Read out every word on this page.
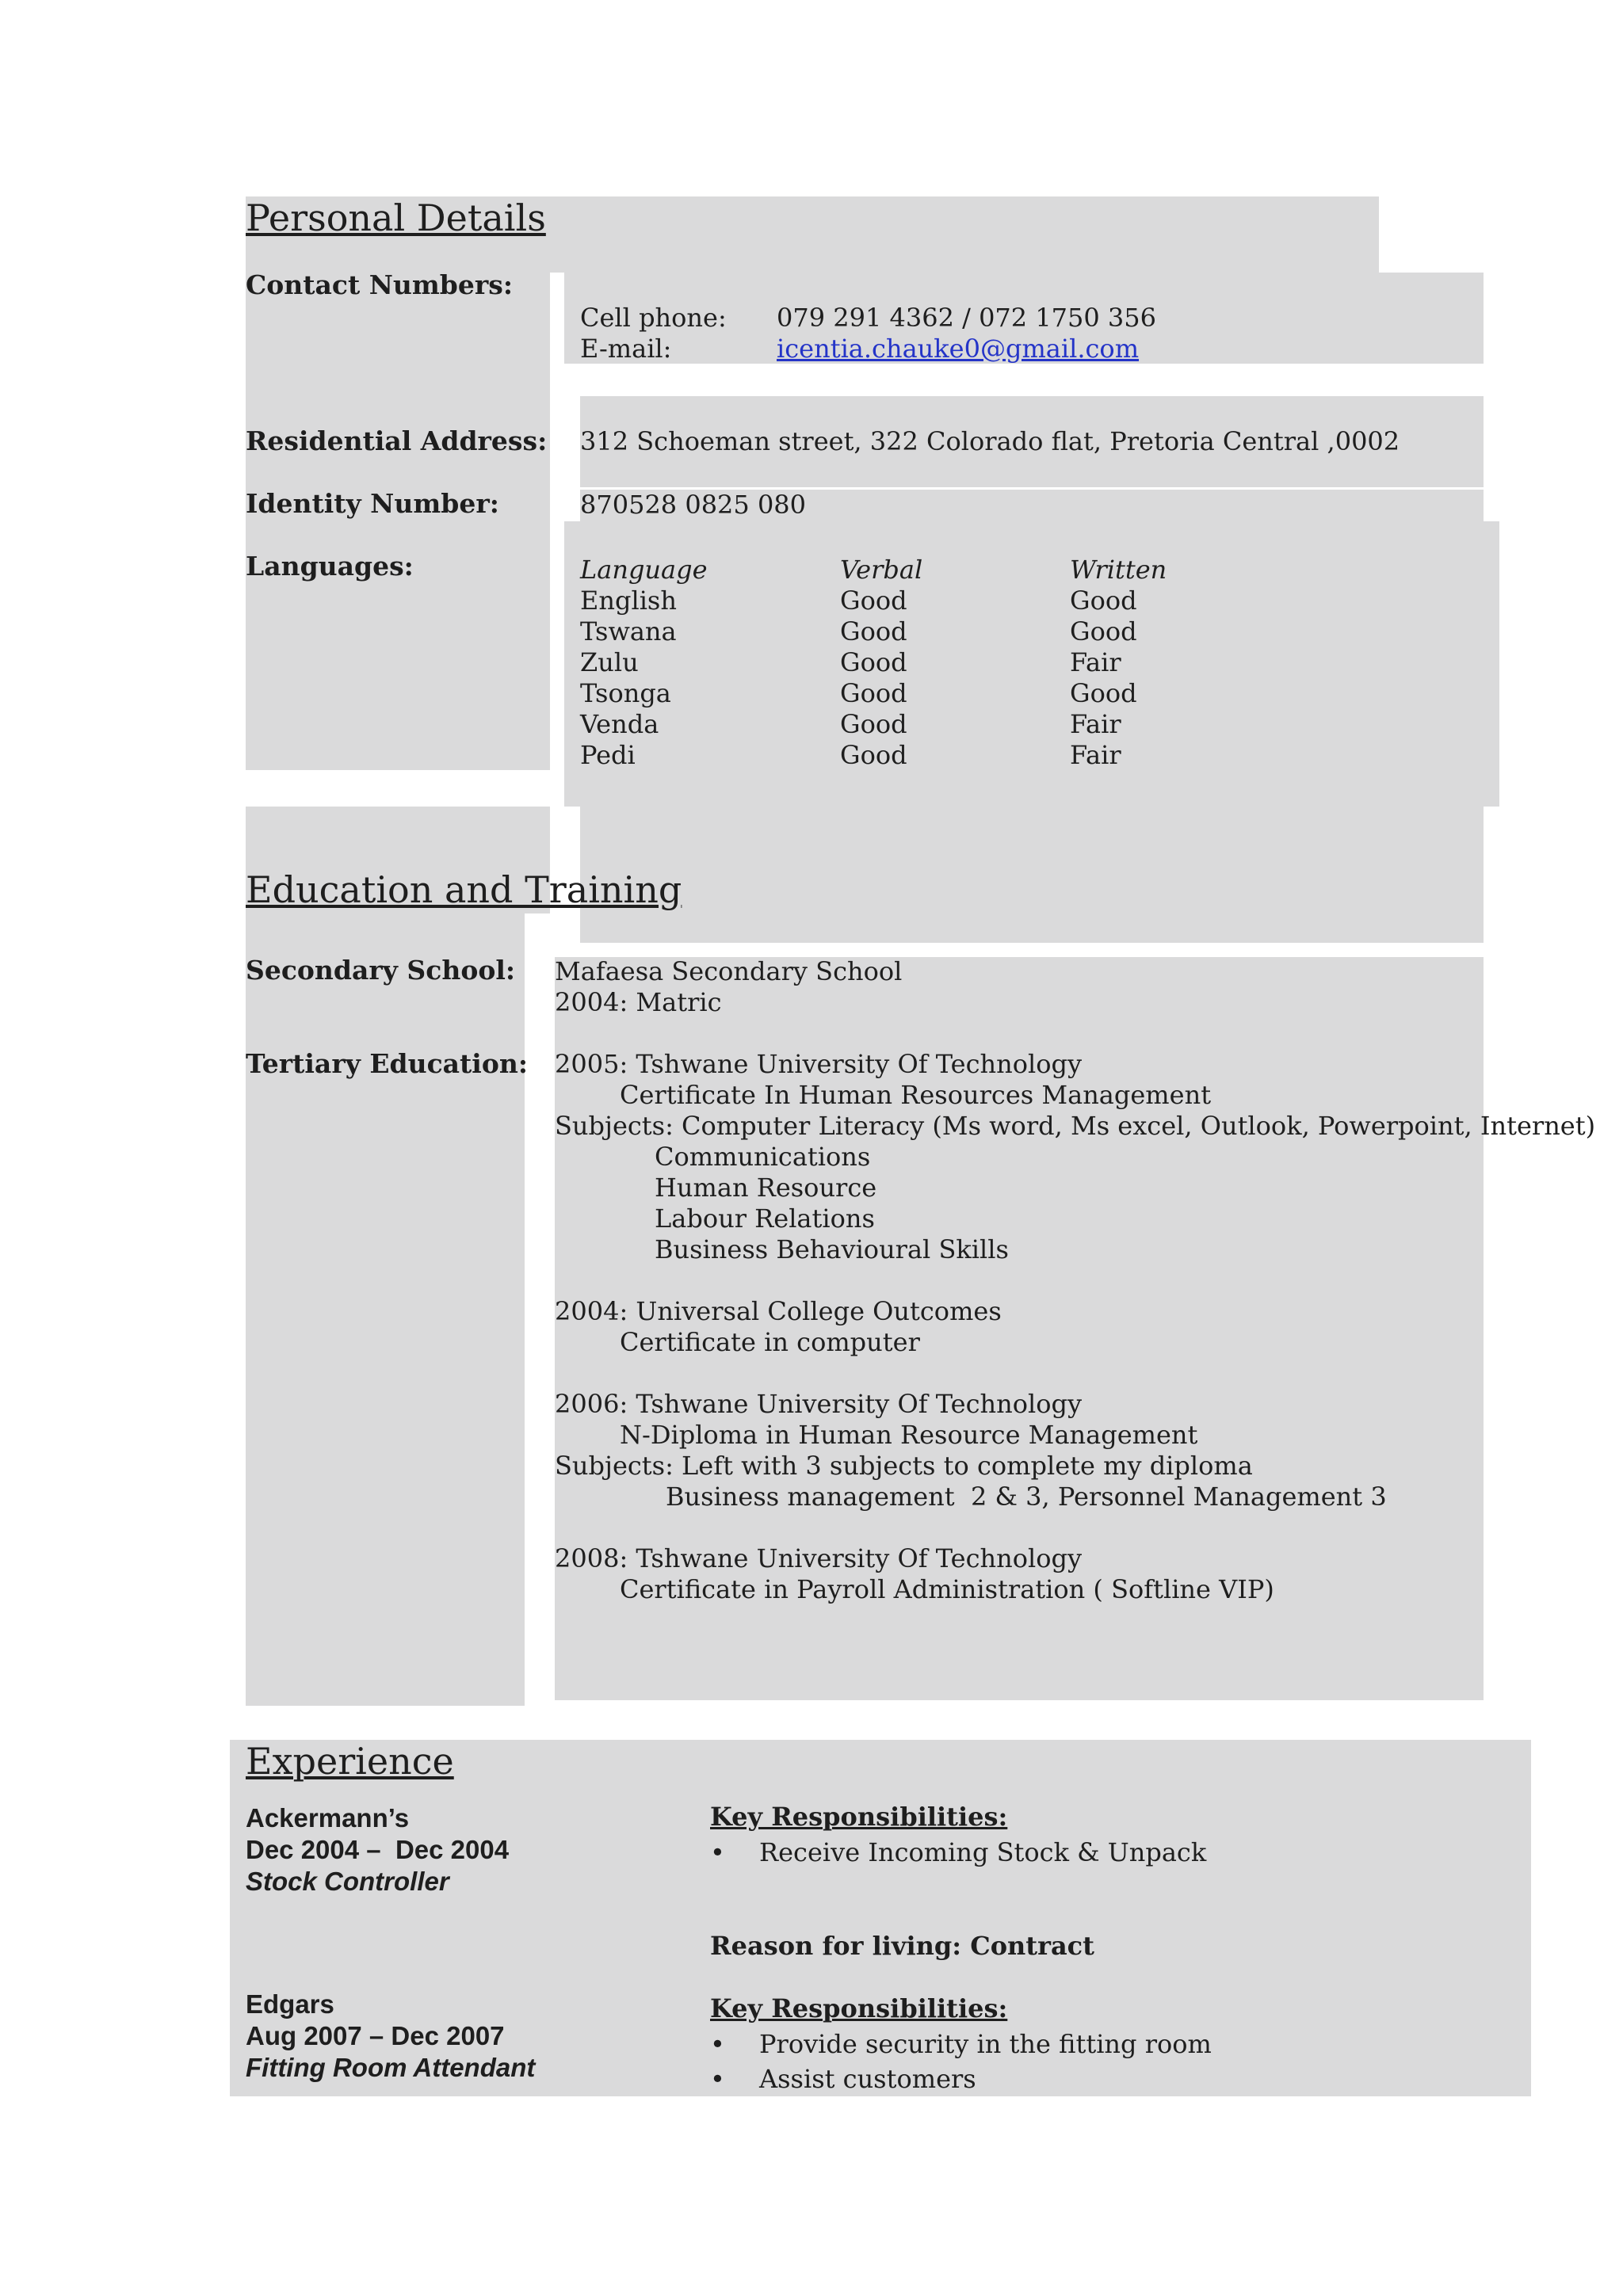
Personal Details
Contact Numbers:
Cell phone: 079 291 4362 / 072 1750 356
E-mail:	icentia.chauke0@gmail.com
Residential Address: 312 Schoeman street, 322 Colorado flat, Pretoria Central ,0002
Identity Number:	870528 0825 080
Languages:	Language	Verbal	Written
English	Good	Good
Tswana	Good	Good
Zulu	Good	Fair
Tsonga	Good	Good
Venda	Good	Fair
Pedi	Good	Fair
Education and Training
Secondary School: Mafaesa Secondary School
2004: Matric
Tertiary Education: 2005: Tshwane University Of Technology
Certificate In Human Resources Management
Subjects: Computer Literacy (Ms word, Ms excel, Outlook, Powerpoint, Internet)
Communications
Human Resource
Labour Relations
Business Behavioural Skills
2004: Universal College Outcomes
Certificate in computer
2006: Tshwane University Of Technology
N-Diploma in Human Resource Management
Subjects: Left with 3 subjects to complete my diploma
Business management  2 & 3, Personnel Management 3
2008: Tshwane University Of Technology
Certificate in Payroll Administration ( Softline VIP)
Experience
Ackermann’s
Dec 2004 –  Dec 2004
Stock Controller
Key Responsibilities:
• Receive Incoming Stock & Unpack
Reason for living: Contract
Edgars
Aug 2007 – Dec 2007
Fitting Room Attendant
Key Responsibilities:
• Provide security in the fitting room
• Assist customers
